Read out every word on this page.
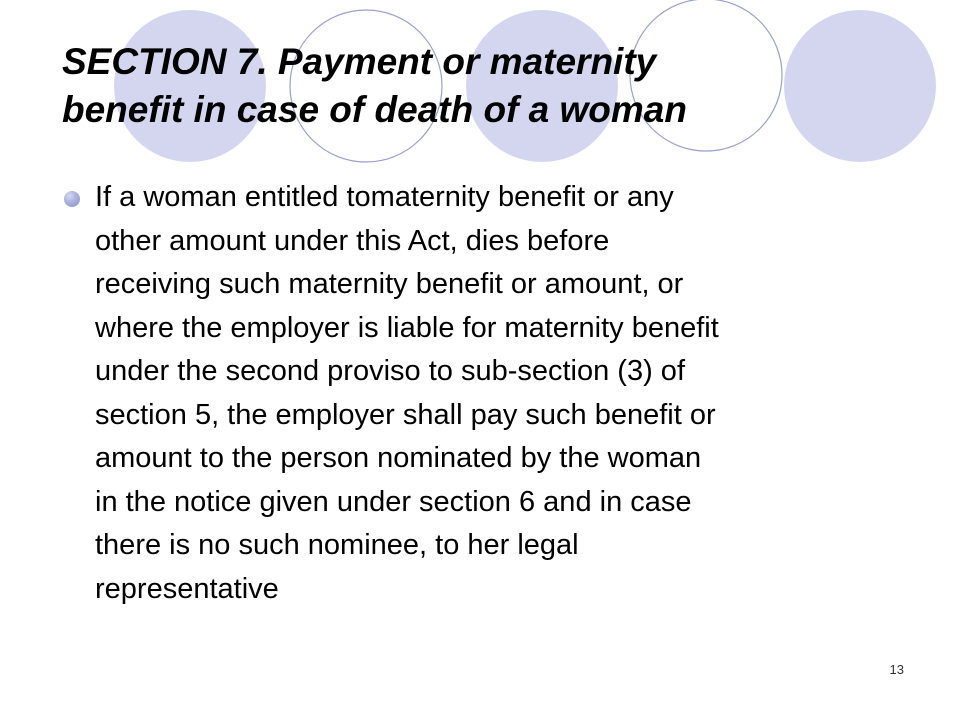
SECTION 7. Payment or maternity
benefit in case of death of a woman

If a woman entitled tomaternity benefit or any
other amount under this Act, dies before
receiving such maternity benefit or amount, or
where the employer is liable for maternity benefit
under the second proviso to sub-section (3) of
section 5, the employer shall pay such benefit or
amount to the person nominated by the woman
in the notice given under section 6 and in case
there is no such nominee, to her legal
representative

13
